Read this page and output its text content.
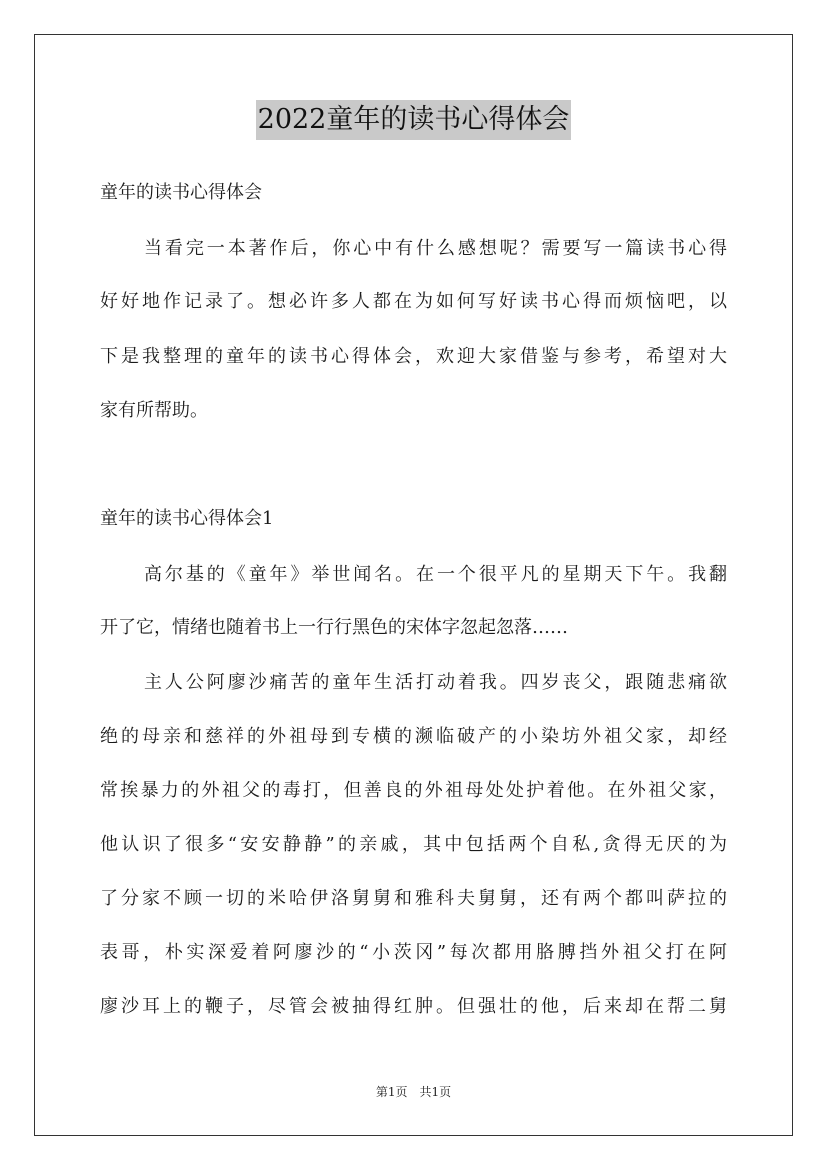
2022童年的读书心得体会
童年的读书心得体会
当看完一本著作后，你心中有什么感想呢？需要写一篇读书心得
好好地作记录了。想必许多人都在为如何写好读书心得而烦恼吧，以
下是我整理的童年的读书心得体会，欢迎大家借鉴与参考，希望对大
家有所帮助。
童年的读书心得体会1
高尔基的《童年》举世闻名。在一个很平凡的星期天下午。我翻
开了它，情绪也随着书上一行行黑色的宋体字忽起忽落……
主人公阿廖沙痛苦的童年生活打动着我。四岁丧父，跟随悲痛欲
绝的母亲和慈祥的外祖母到专横的濒临破产的小染坊外祖父家，却经
常挨暴力的外祖父的毒打，但善良的外祖母处处护着他。在外祖父家，
他认识了很多“安安静静”的亲戚，其中包括两个自私,贪得无厌的为
了分家不顾一切的米哈伊洛舅舅和雅科夫舅舅，还有两个都叫萨拉的
表哥，朴实深爱着阿廖沙的“小茨冈”每次都用胳膊挡外祖父打在阿
廖沙耳上的鞭子，尽管会被抽得红肿。但强壮的他，后来却在帮二舅
第1页　共1页
